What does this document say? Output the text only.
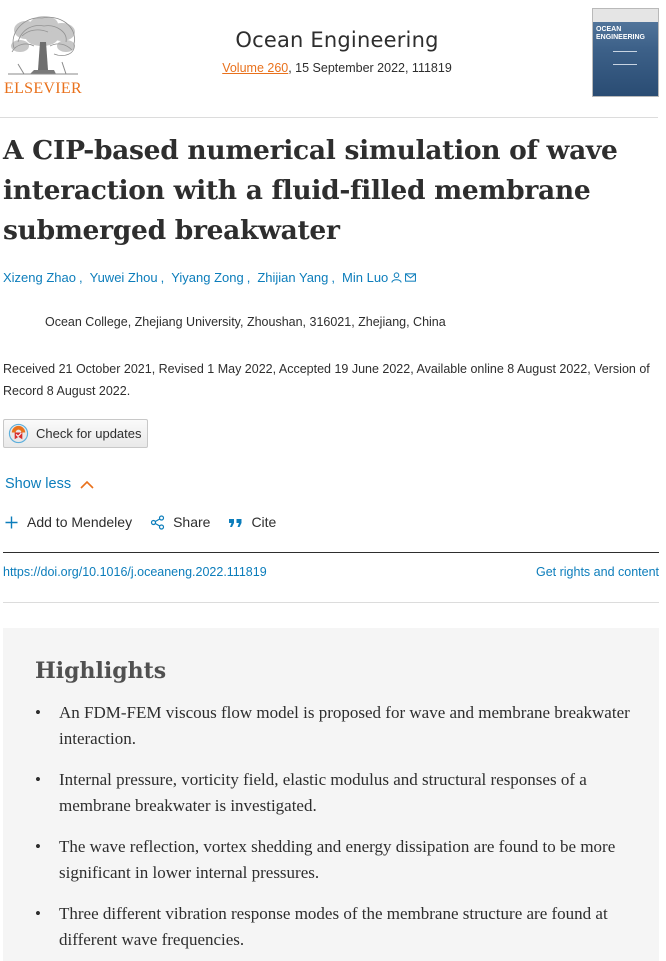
ELSEVIER
Ocean Engineering
Volume 260, 15 September 2022, 111819
OCEAN ENGINEERING
A CIP-based numerical simulation of wave interaction with a fluid-filled membrane submerged breakwater
Xizeng Zhao , Yuwei Zhou , Yiyang Zong , Zhijian Yang , Min Luo
Ocean College, Zhejiang University, Zhoushan, 316021, Zhejiang, China
Received 21 October 2021, Revised 1 May 2022, Accepted 19 June 2022, Available online 8 August 2022, Version of Record 8 August 2022.
Check for updates
Show less
Add to Mendeley	Share	Cite
https://doi.org/10.1016/j.oceaneng.2022.111819	Get rights and content
Highlights
• An FDM-FEM viscous flow model is proposed for wave and membrane breakwater interaction.
• Internal pressure, vorticity field, elastic modulus and structural responses of a membrane breakwater is investigated.
• The wave reflection, vortex shedding and energy dissipation are found to be more significant in lower internal pressures.
• Three different vibration response modes of the membrane structure are found at different wave frequencies.
